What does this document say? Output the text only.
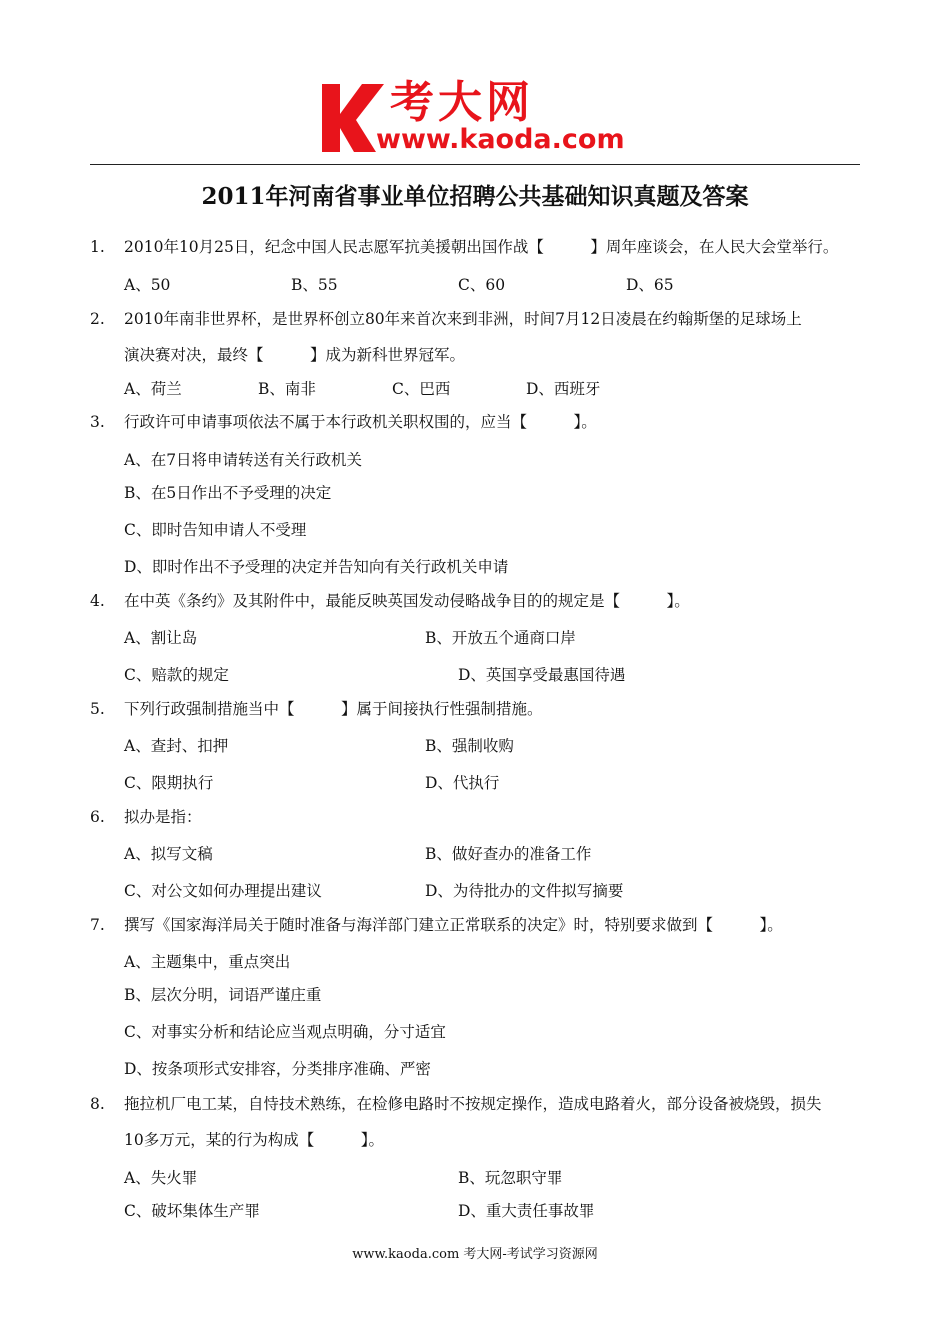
考大网
www.kaoda.com
2011年河南省事业单位招聘公共基础知识真题及答案
1. 2010年10月25日，纪念中国人民志愿军抗美援朝出国作战【　　　】周年座谈会，在人民大会堂举行。
A、50	B、55	C、60	D、65
2. 2010年南非世界杯，是世界杯创立80年来首次来到非洲，时间7月12日凌晨在约翰斯堡的足球场上
演决赛对决，最终【　　　】成为新科世界冠军。
A、荷兰	B、南非	C、巴西	D、西班牙
3. 行政许可申请事项依法不属于本行政机关职权围的，应当【　　　】。
A、在7日将申请转送有关行政机关
B、在5日作出不予受理的决定
C、即时告知申请人不受理
D、即时作出不予受理的决定并告知向有关行政机关申请
4. 在中英《条约》及其附件中，最能反映英国发动侵略战争目的的规定是【　　　】。
A、割让岛	B、开放五个通商口岸
C、赔款的规定	D、英国享受最惠国待遇
5. 下列行政强制措施当中【　　　】属于间接执行性强制措施。
A、查封、扣押	B、强制收购
C、限期执行	D、代执行
6. 拟办是指：
A、拟写文稿	B、做好查办的准备工作
C、对公文如何办理提出建议	D、为待批办的文件拟写摘要
7. 撰写《国家海洋局关于随时准备与海洋部门建立正常联系的决定》时，特别要求做到【　　　】。
A、主题集中，重点突出
B、层次分明，词语严谨庄重
C、对事实分析和结论应当观点明确，分寸适宜
D、按条项形式安排容，分类排序准确、严密
8. 拖拉机厂电工某，自恃技术熟练，在检修电路时不按规定操作，造成电路着火，部分设备被烧毁，损失
10多万元，某的行为构成【　　　】。
A、失火罪	B、玩忽职守罪
C、破坏集体生产罪	D、重大责任事故罪
www.kaoda.com 考大网-考试学习资源网
